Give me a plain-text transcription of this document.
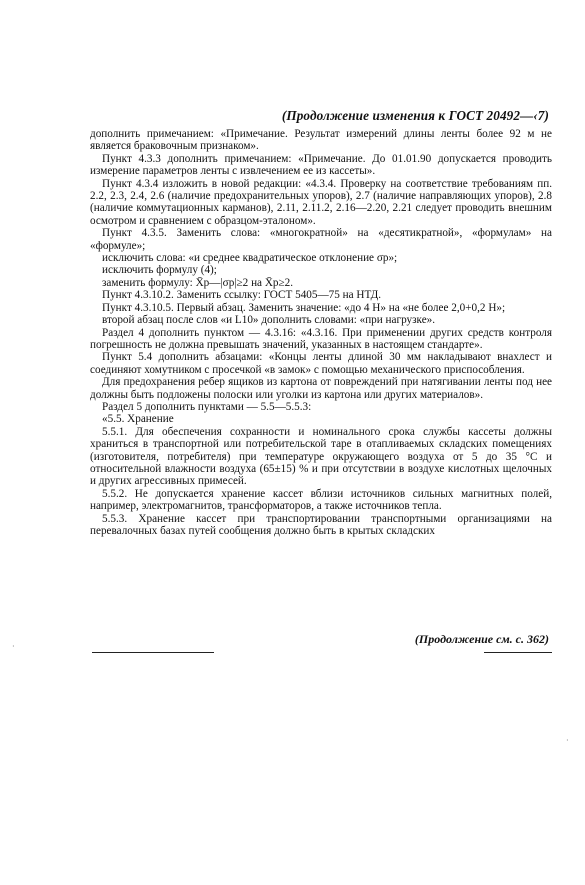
(Продолжение изменения к ГОСТ 20492—‹7)

дополнить примечанием: «Примечание. Результат измерений длины ленты более 92 м не является браковочным признаком».

Пункт 4.3.3 дополнить примечанием: «Примечание. До 01.01.90 допускается проводить измерение параметров ленты с извлечением ее из кассеты».

Пункт 4.3.4 изложить в новой редакции: «4.3.4. Проверку на соответствие требованиям пп. 2.2, 2.3, 2.4, 2.6 (наличие предохранительных упоров), 2.7 (наличие направляющих упоров), 2.8 (наличие коммутационных карманов), 2.11, 2.11.2, 2.16—2.20, 2.21 следует проводить внешним осмотром и сравнением с образцом-эталоном».

Пункт 4.3.5. Заменить слова: «многократной» на «десятикратной», «формулам» на «формуле»;

исключить слова: «и среднее квадратическое отклонение σр»;

исключить формулу (4);

заменить формулу: X̄р—|σр|≥2 на X̄р≥2.

Пункт 4.3.10.2. Заменить ссылку: ГОСТ 5405—75 на НТД.

Пункт 4.3.10.5. Первый абзац. Заменить значение: «до 4 Н» на «не более 2,0+0,2 Н»;

второй абзац после слов «и L10» дополнить словами: «при нагрузке».

Раздел 4 дополнить пунктом — 4.3.16: «4.3.16. При применении других средств контроля погрешность не должна превышать значений, указанных в настоящем стандарте».

Пункт 5.4 дополнить абзацами: «Концы ленты длиной 30 мм накладывают внахлест и соединяют хомутником с просечкой «в замок» с помощью механического приспособления.

Для предохранения ребер ящиков из картона от повреждений при натягивании ленты под нее должны быть подложены полоски или уголки из картона или других материалов».

Раздел 5 дополнить пунктами — 5.5—5.5.3:

«5.5. Хранение

5.5.1. Для обеспечения сохранности и номинального срока службы кассеты должны храниться в транспортной или потребительской таре в отапливаемых складских помещениях (изготовителя, потребителя) при температуре окружающего воздуха от 5 до 35 °С и относительной влажности воздуха (65±15) % и при отсутствии в воздухе кислотных щелочных и других агрессивных примесей.

5.5.2. Не допускается хранение кассет вблизи источников сильных магнитных полей, например, электромагнитов, трансформаторов, а также источников тепла.

5.5.3. Хранение кассет при транспортировании транспортными организациями на перевалочных базах путей сообщения должно быть в крытых складских

(Продолжение см. с. 362)
·
·
